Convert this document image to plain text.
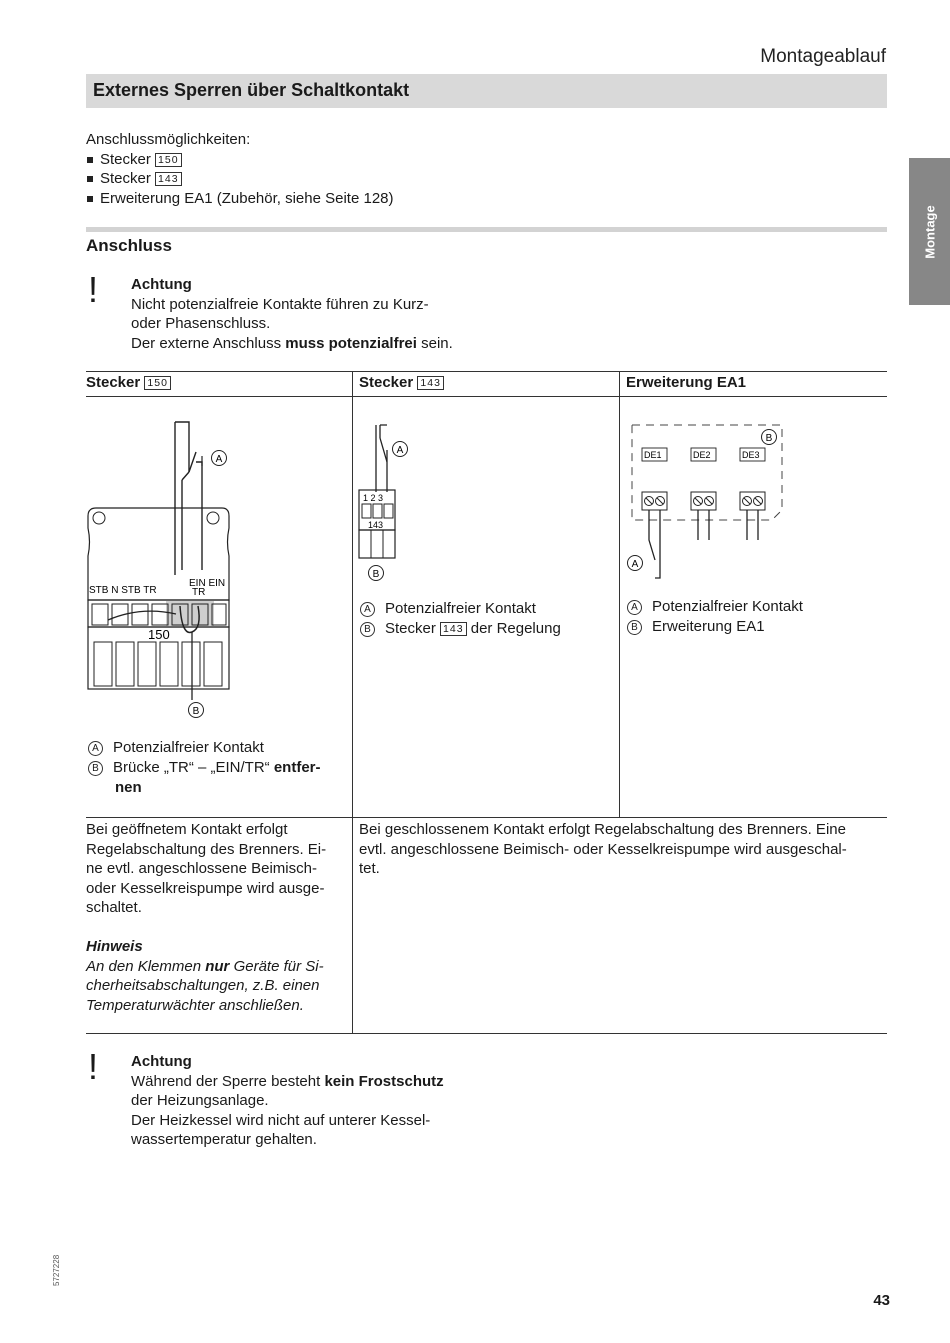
Montageablauf
Externes Sperren über Schaltkontakt
Montage
Anschlussmöglichkeiten:
Stecker 150
Stecker 143
Erweiterung EA1 (Zubehör, siehe Seite 128)
Anschluss
! Achtung
Nicht potenzialfreie Kontakte führen zu Kurz-
oder Phasenschluss.
Der externe Anschluss muss potenzialfrei sein.
Stecker 150	Stecker 143	Erweiterung EA1
A
STB N STB TR
EIN EIN
TR
150
B
A Potenzialfreier Kontakt
B Brücke „TR“ – „EIN/TR“ entfer-
nen
A
1 2 3
143
B
A Potenzialfreier Kontakt
B Stecker 143 der Regelung
B
DE1	DE2	DE3
A
A Potenzialfreier Kontakt
B Erweiterung EA1
Bei geöffnetem Kontakt erfolgt
Regelabschaltung des Brenners. Ei-
ne evtl. angeschlossene Beimisch-
oder Kesselkreispumpe wird ausge-
schaltet.
Hinweis
An den Klemmen nur Geräte für Si-
cherheitsabschaltungen, z.B. einen
Temperaturwächter anschließen.
Bei geschlossenem Kontakt erfolgt Regelabschaltung des Brenners. Eine
evtl. angeschlossene Beimisch- oder Kesselkreispumpe wird ausgeschal-
tet.
! Achtung
Während der Sperre besteht kein Frostschutz
der Heizungsanlage.
Der Heizkessel wird nicht auf unterer Kessel-
wassertemperatur gehalten.
5727228
43
